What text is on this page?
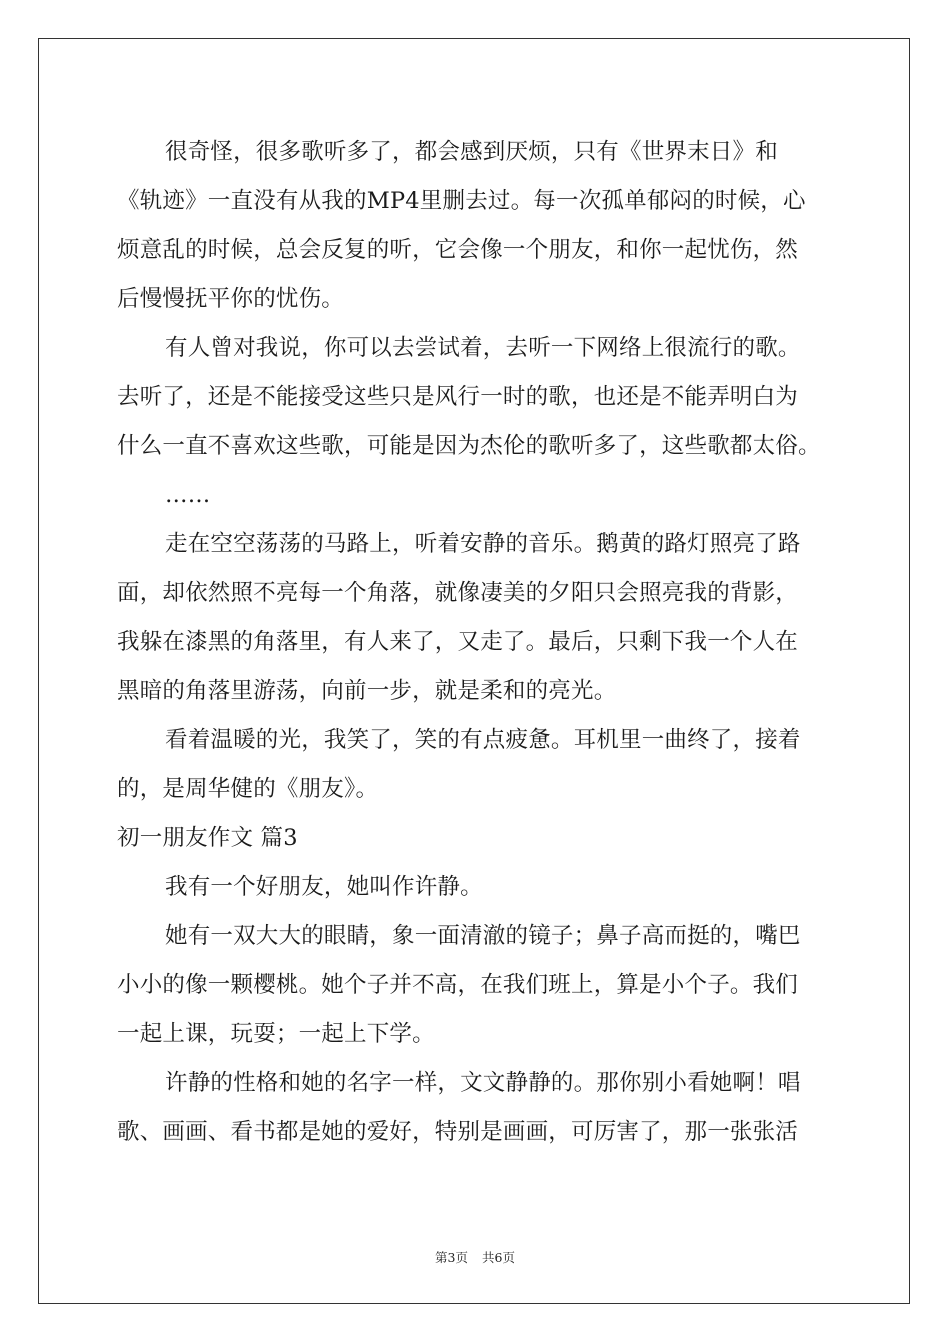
很奇怪，很多歌听多了，都会感到厌烦，只有《世界末日》和
《轨迹》一直没有从我的MP4里删去过。每一次孤单郁闷的时候，心
烦意乱的时候，总会反复的听，它会像一个朋友，和你一起忧伤，然
后慢慢抚平你的忧伤。
有人曾对我说，你可以去尝试着，去听一下网络上很流行的歌。
去听了，还是不能接受这些只是风行一时的歌，也还是不能弄明白为
什么一直不喜欢这些歌，可能是因为杰伦的歌听多了，这些歌都太俗。
……
走在空空荡荡的马路上，听着安静的音乐。鹅黄的路灯照亮了路
面，却依然照不亮每一个角落，就像凄美的夕阳只会照亮我的背影，
我躲在漆黑的角落里，有人来了，又走了。最后，只剩下我一个人在
黑暗的角落里游荡，向前一步，就是柔和的亮光。
看着温暖的光，我笑了，笑的有点疲惫。耳机里一曲终了，接着
的，是周华健的《朋友》。
初一朋友作文 篇3
我有一个好朋友，她叫作许静。
她有一双大大的眼睛，象一面清澈的镜子；鼻子高而挺的，嘴巴
小小的像一颗樱桃。她个子并不高，在我们班上，算是小个子。我们
一起上课，玩耍；一起上下学。
许静的性格和她的名字一样，文文静静的。那你别小看她啊！唱
歌、画画、看书都是她的爱好，特别是画画，可厉害了，那一张张活
第3页 共6页
